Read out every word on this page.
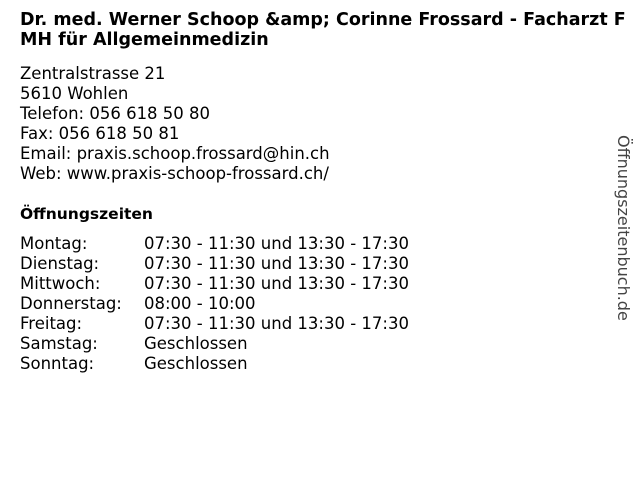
Dr. med. Werner Schoop &amp; Corinne Frossard - Facharzt FMH für Allgemeinmedizin
Zentralstrasse 21
5610 Wohlen
Telefon: 056 618 50 80
Fax: 056 618 50 81
Email: praxis.schoop.frossard@hin.ch
Web: www.praxis-schoop-frossard.ch/
Öffnungszeiten
Montag:	07:30 - 11:30 und 13:30 - 17:30
Dienstag:	07:30 - 11:30 und 13:30 - 17:30
Mittwoch:	07:30 - 11:30 und 13:30 - 17:30
Donnerstag: 08:00 - 10:00
Freitag:	07:30 - 11:30 und 13:30 - 17:30
Samstag:	Geschlossen
Sonntag:	Geschlossen
Öffnungszeitenbuch.de
